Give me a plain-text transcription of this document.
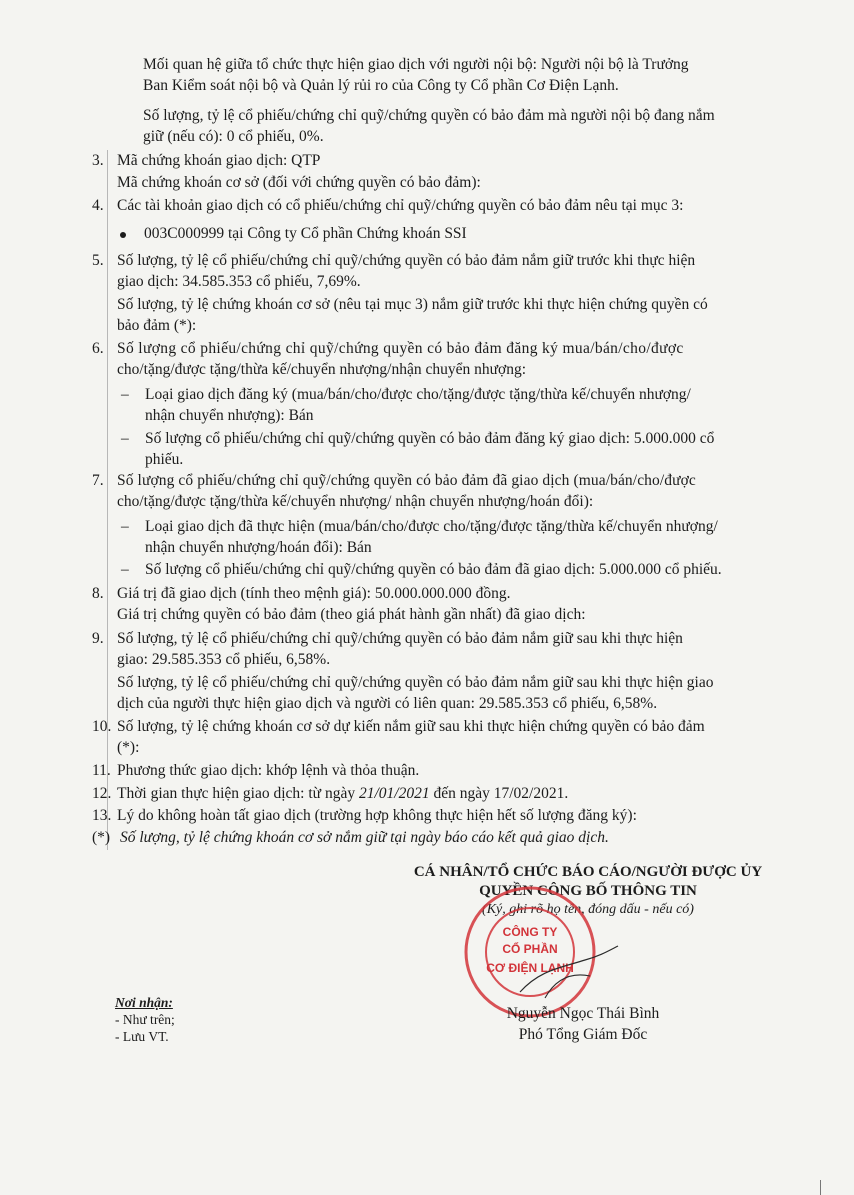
Mối quan hệ giữa tổ chức thực hiện giao dịch với người nội bộ: Người nội bộ là Trưởng
Ban Kiểm soát nội bộ và Quản lý rủi ro của Công ty Cổ phần Cơ Điện Lạnh.
Số lượng, tỷ lệ cổ phiếu/chứng chỉ quỹ/chứng quyền có bảo đảm mà người nội bộ đang nắm
giữ (nếu có): 0 cổ phiếu, 0%.
3. Mã chứng khoán giao dịch: QTP
Mã chứng khoán cơ sở (đối với chứng quyền có bảo đảm):
4. Các tài khoản giao dịch có cổ phiếu/chứng chỉ quỹ/chứng quyền có bảo đảm nêu tại mục 3:
003C000999 tại Công ty Cổ phần Chứng khoán SSI
5. Số lượng, tỷ lệ cổ phiếu/chứng chỉ quỹ/chứng quyền có bảo đảm nắm giữ trước khi thực hiện
giao dịch: 34.585.353 cổ phiếu, 7,69%.
Số lượng, tỷ lệ chứng khoán cơ sở (nêu tại mục 3) nắm giữ trước khi thực hiện chứng quyền có
bảo đảm (*):
6. Số lượng cổ phiếu/chứng chỉ quỹ/chứng quyền có bảo đảm đăng ký mua/bán/cho/được
cho/tặng/được tặng/thừa kế/chuyển nhượng/nhận chuyển nhượng:
– Loại giao dịch đăng ký (mua/bán/cho/được cho/tặng/được tặng/thừa kế/chuyển nhượng/
nhận chuyển nhượng): Bán
– Số lượng cổ phiếu/chứng chỉ quỹ/chứng quyền có bảo đảm đăng ký giao dịch: 5.000.000 cổ
phiếu.
7. Số lượng cổ phiếu/chứng chỉ quỹ/chứng quyền có bảo đảm đã giao dịch (mua/bán/cho/được
cho/tặng/được tặng/thừa kế/chuyển nhượng/ nhận chuyển nhượng/hoán đổi):
– Loại giao dịch đã thực hiện (mua/bán/cho/được cho/tặng/được tặng/thừa kế/chuyển nhượng/
nhận chuyển nhượng/hoán đổi): Bán
– Số lượng cổ phiếu/chứng chỉ quỹ/chứng quyền có bảo đảm đã giao dịch: 5.000.000 cổ phiếu.
8. Giá trị đã giao dịch (tính theo mệnh giá): 50.000.000.000 đồng.
Giá trị chứng quyền có bảo đảm (theo giá phát hành gần nhất) đã giao dịch:
9. Số lượng, tỷ lệ cổ phiếu/chứng chỉ quỹ/chứng quyền có bảo đảm nắm giữ sau khi thực hiện
giao: 29.585.353 cổ phiếu, 6,58%.
Số lượng, tỷ lệ cổ phiếu/chứng chỉ quỹ/chứng quyền có bảo đảm nắm giữ sau khi thực hiện giao
dịch của người thực hiện giao dịch và người có liên quan: 29.585.353 cổ phiếu, 6,58%.
10. Số lượng, tỷ lệ chứng khoán cơ sở dự kiến nắm giữ sau khi thực hiện chứng quyền có bảo đảm
(*):
11. Phương thức giao dịch: khớp lệnh và thỏa thuận.
12. Thời gian thực hiện giao dịch: từ ngày 21/01/2021 đến ngày 17/02/2021.
13. Lý do không hoàn tất giao dịch (trường hợp không thực hiện hết số lượng đăng ký):
(*) Số lượng, tỷ lệ chứng khoán cơ sở nắm giữ tại ngày báo cáo kết quả giao dịch.
CÁ NHÂN/TỔ CHỨC BÁO CÁO/NGƯỜI ĐƯỢC ỦY
QUYỀN CÔNG BỐ THÔNG TIN
(Ký, ghi rõ họ tên, đóng dấu - nếu có)
CÔNG TY
CỔ PHẦN
CƠ ĐIỆN LẠNH
Nguyễn Ngọc Thái Bình
Phó Tổng Giám Đốc
Nơi nhận:
- Như trên;
- Lưu VT.
